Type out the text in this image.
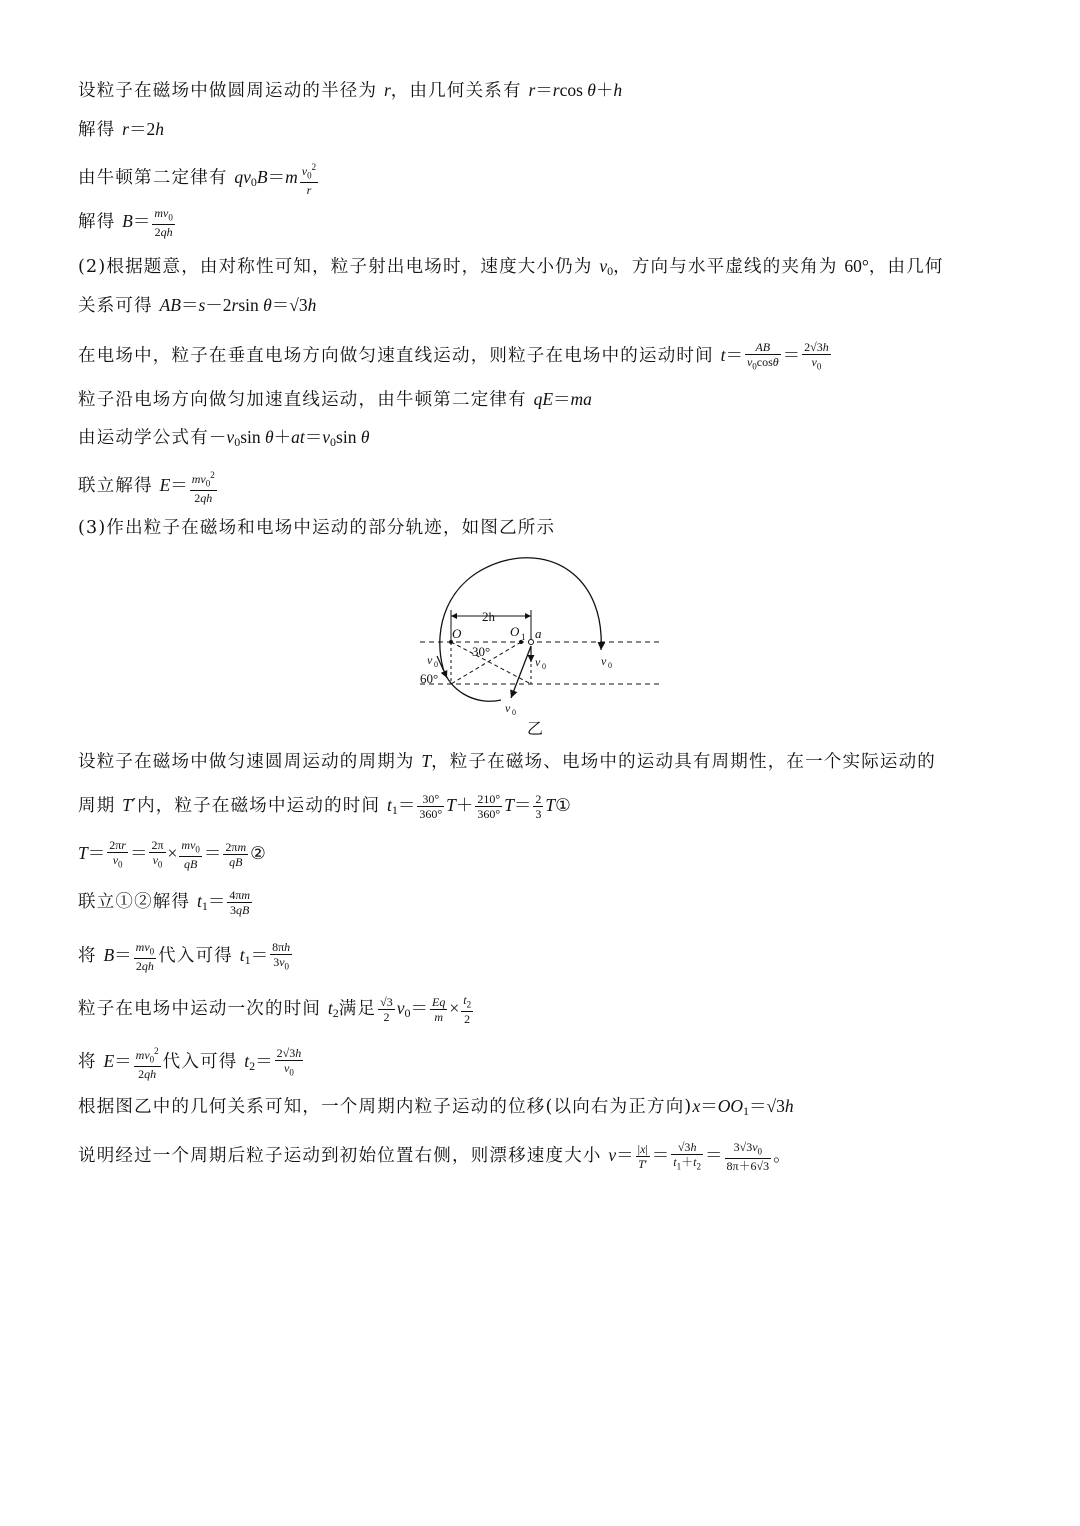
设粒子在磁场中做圆周运动的半径为 r，由几何关系有 r＝rcos θ＋h
解得 r＝2h
由牛顿第二定律有 $qv0B=m \frac{v_0^2}{r}$
解得 $B= \frac{mv_0}{2qh}$
(2)根据题意，由对称性可知，粒子射出电场时，速度大小仍为 v0，方向与水平虚线的夹角为 60°，由几何
关系可得 AB＝s－2rsin θ＝√3h
在电场中，粒子在垂直电场方向做匀速直线运动，则粒子在电场中的运动时间 $t= \frac{AB}{v_0\cos\theta} = \frac{2√3h}{v_0}$
粒子沿电场方向做匀加速直线运动，由牛顿第二定律有 qE＝ma
由运动学公式有－v0sin θ＋at＝v0sin θ
联立解得 $E= \frac{mv_0^2}{2qh}$
(3)作出粒子在磁场和电场中运动的部分轨迹，如图乙所示
2h
O	O 1 a
30°
60°
v 0	v 0	v 0
v 0
乙
设粒子在磁场中做匀速圆周运动的周期为 T，粒子在磁场、电场中的运动具有周期性，在一个实际运动的
周期 T′内，粒子在磁场中运动的时间 $t1= \frac{30^\circ}{360^\circ} T+ \frac{210^\circ}{360^\circ} T= \frac{2}{3}$ T①
$T= \frac{2\pi r}{v_0} = \frac{2\pi}{v_0} \times \frac{mv_0}{qB} = \frac{2\pi m}{qB}$ ②
联立①②解得 $t1= \frac{4\pi m}{3qB}$
将 $B= \frac{mv_0}{2qh}$ 代入可得 $t1= \frac{8\pi h}{3v_0}$
粒子在电场中运动一次的时间 t2满足 $\frac{√3}{2} v0= \frac{Eq}{m} \times \frac{t_2}{2}$
将 $E= \frac{mv_0^2}{2qh}$ 代入可得 $t2= \frac{2√3h}{v_0}$
根据图乙中的几何关系可知，一个周期内粒子运动的位移(以向右为正方向)x＝OO1＝√3h
说明经过一个周期后粒子运动到初始位置右侧，则漂移速度大小 $v= \frac{|x|}{T'} = \frac{√3h}{t_1+t_2} = \frac{3√3v_0}{8\pi+6√3}$ 。
